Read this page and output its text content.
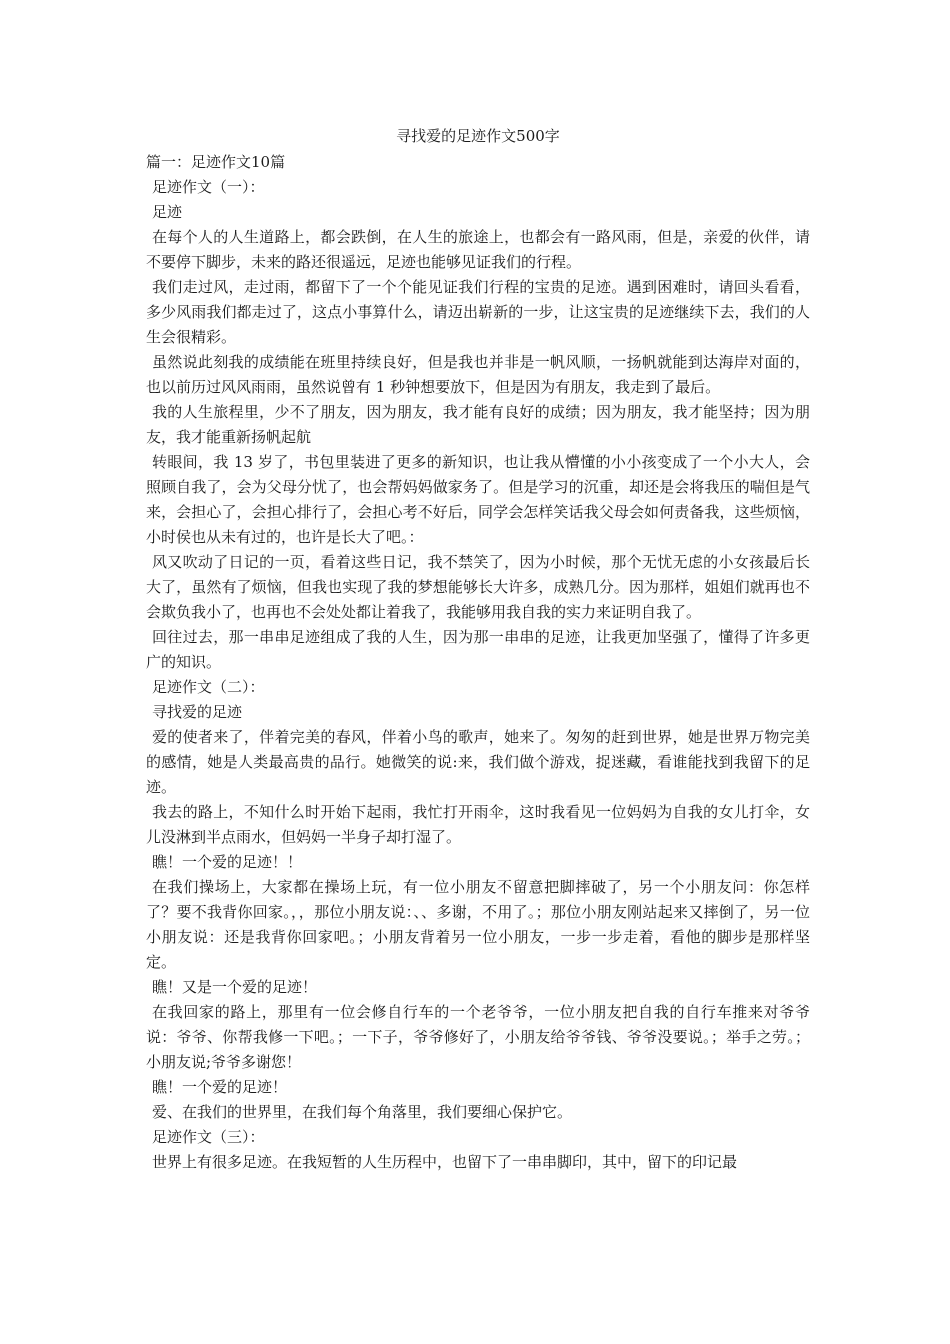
寻找爱的足迹作文500字

篇一：足迹作文10篇

足迹作文（一）：

足迹

在每个人的人生道路上，都会跌倒，在人生的旅途上，也都会有一路风雨，但是，亲爱的伙伴，请不要停下脚步，未来的路还很遥远，足迹也能够见证我们的行程。

我们走过风，走过雨，都留下了一个个能见证我们行程的宝贵的足迹。遇到困难时，请回头看看，多少风雨我们都走过了，这点小事算什么，请迈出崭新的一步，让这宝贵的足迹继续下去，我们的人生会很精彩。

虽然说此刻我的成绩能在班里持续良好，但是我也并非是一帆风顺，一扬帆就能到达海岸对面的，也以前历过风风雨雨，虽然说曾有 1 秒钟想要放下，但是因为有朋友，我走到了最后。

我的人生旅程里，少不了朋友，因为朋友，我才能有良好的成绩；因为朋友，我才能坚持；因为朋友，我才能重新扬帆起航

转眼间，我 13 岁了，书包里装进了更多的新知识，也让我从懵懂的小小孩变成了一个小大人，会照顾自我了，会为父母分忧了，也会帮妈妈做家务了。但是学习的沉重，却还是会将我压的喘但是气来，会担心了，会担心排行了，会担心考不好后，同学会怎样笑话我父母会如何责备我，这些烦恼，小时侯也从未有过的，也许是长大了吧。：

风又吹动了日记的一页，看着这些日记，我不禁笑了，因为小时候，那个无忧无虑的小女孩最后长大了，虽然有了烦恼，但我也实现了我的梦想能够长大许多，成熟几分。因为那样，姐姐们就再也不会欺负我小了，也再也不会处处都让着我了，我能够用我自我的实力来证明自我了。

回往过去，那一串串足迹组成了我的人生，因为那一串串的足迹，让我更加坚强了，懂得了许多更广的知识。

足迹作文（二）：

寻找爱的足迹

爱的使者来了，伴着完美的春风，伴着小鸟的歌声，她来了。匆匆的赶到世界，她是世界万物完美的感情，她是人类最高贵的品行。她微笑的说:来，我们做个游戏，捉迷藏，看谁能找到我留下的足迹。

我去的路上，不知什么时开始下起雨，我忙打开雨伞，这时我看见一位妈妈为自我的女儿打伞，女儿没淋到半点雨水，但妈妈一半身子却打湿了。

瞧！一个爱的足迹！！

在我们操场上，大家都在操场上玩，有一位小朋友不留意把脚摔破了，另一个小朋友问：你怎样了？要不我背你回家。，，那位小朋友说：、、多谢，不用了。；那位小朋友刚站起来又摔倒了，另一位小朋友说：还是我背你回家吧。；小朋友背着另一位小朋友，一步一步走着，看他的脚步是那样坚定。

瞧！又是一个爱的足迹！

在我回家的路上，那里有一位会修自行车的一个老爷爷，一位小朋友把自我的自行车推来对爷爷说：爷爷、你帮我修一下吧。；一下子，爷爷修好了，小朋友给爷爷钱、爷爷没要说。；举手之劳。；小朋友说;爷爷多谢您！

瞧！一个爱的足迹！

爱、在我们的世界里，在我们每个角落里，我们要细心保护它。

足迹作文（三）：

世界上有很多足迹。在我短暂的人生历程中，也留下了一串串脚印，其中，留下的印记最
